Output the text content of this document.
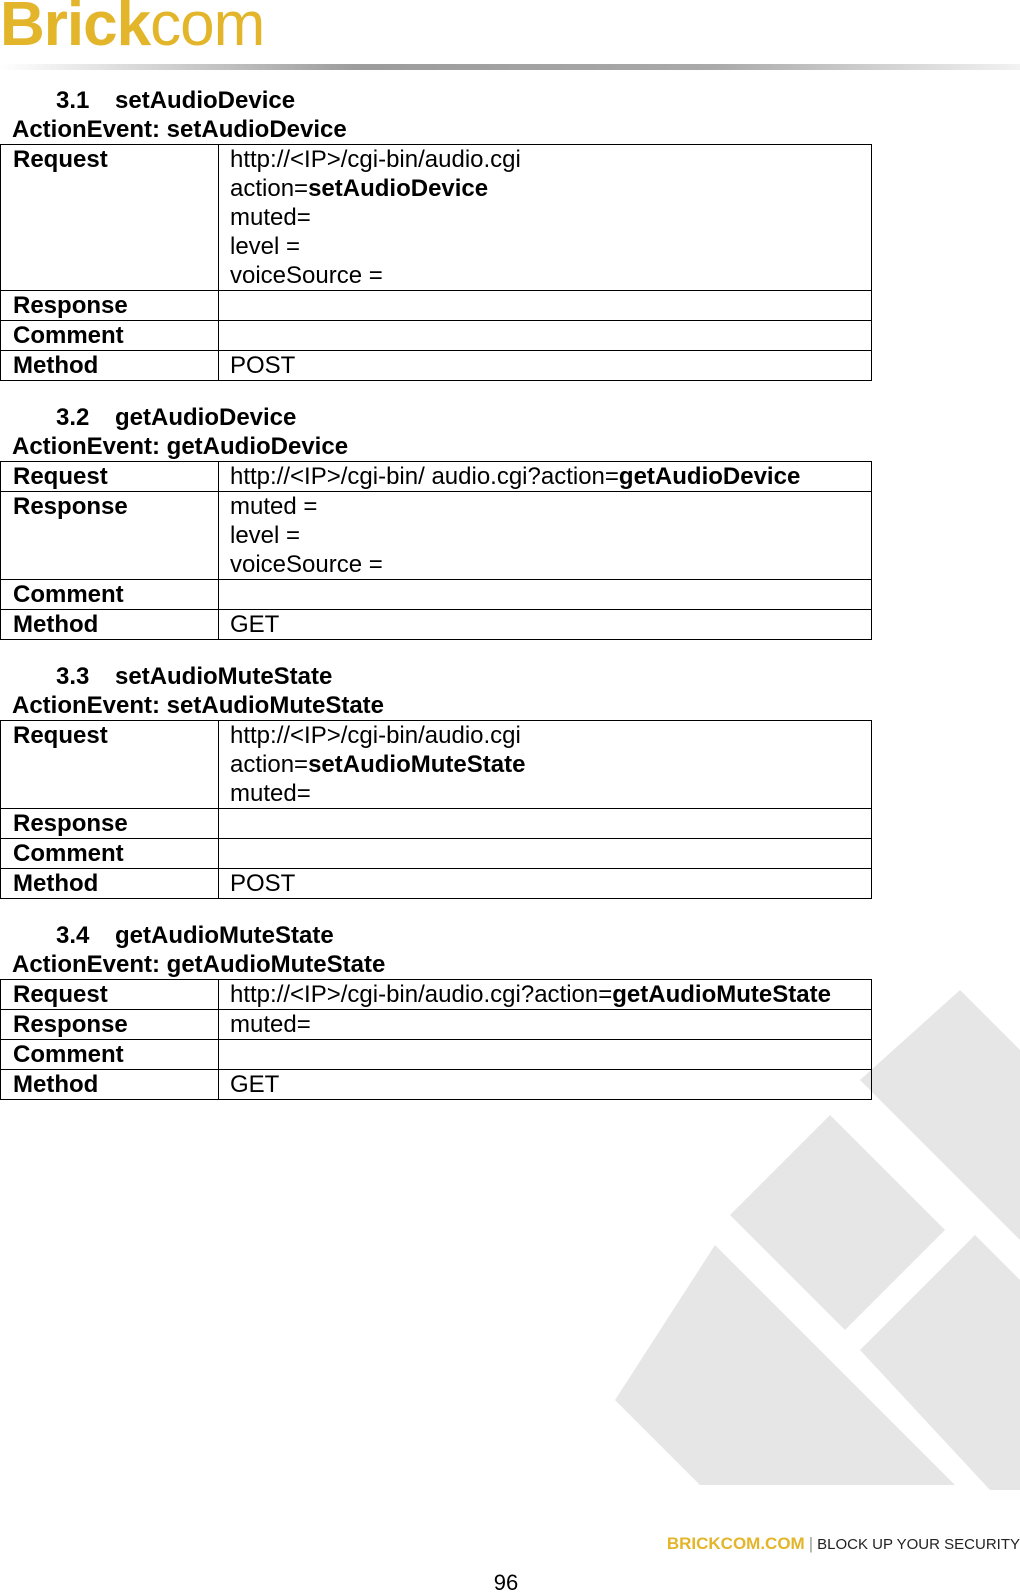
Brickcom
3.1 setAudioDevice
ActionEvent: setAudioDevice
Request	http://<IP>/cgi-bin/audio.cgi
action=setAudioDevice
muted=
level =
voiceSource =

Response	
Comment	
Method	POST
3.2 getAudioDevice
ActionEvent: getAudioDevice
Request	http://<IP>/cgi-bin/ audio.cgi?action=getAudioDevice

Response	muted =
level =
voiceSource =

Comment	
Method	GET
3.3 setAudioMuteState
ActionEvent: setAudioMuteState
Request	http://<IP>/cgi-bin/audio.cgi
action=setAudioMuteState
muted=

Response	
Comment	
Method	POST
3.4 getAudioMuteState
ActionEvent: getAudioMuteState
Request	http://<IP>/cgi-bin/audio.cgi?action=getAudioMuteState

Response	muted=

Comment	
Method	GET
BRICKCOM.COM | BLOCK UP YOUR SECURITY
96
